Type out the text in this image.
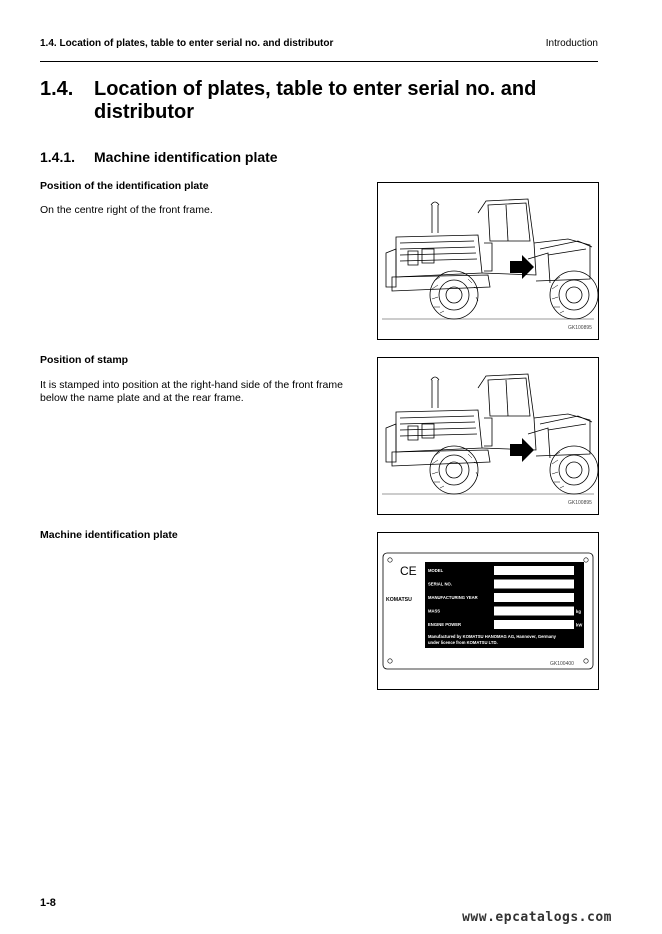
1.4. Location of plates, table to enter serial no. and distributor	Introduction
1.4. Location of plates, table to enter serial no. and distributor
1.4.1. Machine identification plate
Position of the identification plate
On the centre right of the front frame.
GK100895
Position of stamp
It is stamped into position at the right-hand side of the front frame below the name plate and at the rear frame.
GK100895
Machine identification plate
CE
KOMATSU
MODEL
SERIAL NO.
MANUFACTURING YEAR
MASS	kg
ENGINE POWER	kW
Manufactured by KOMATSU HANOMAG AG, Hannover, Germany
under licence from KOMATSU LTD.
GK100400
1-8
www.epcatalogs.com
